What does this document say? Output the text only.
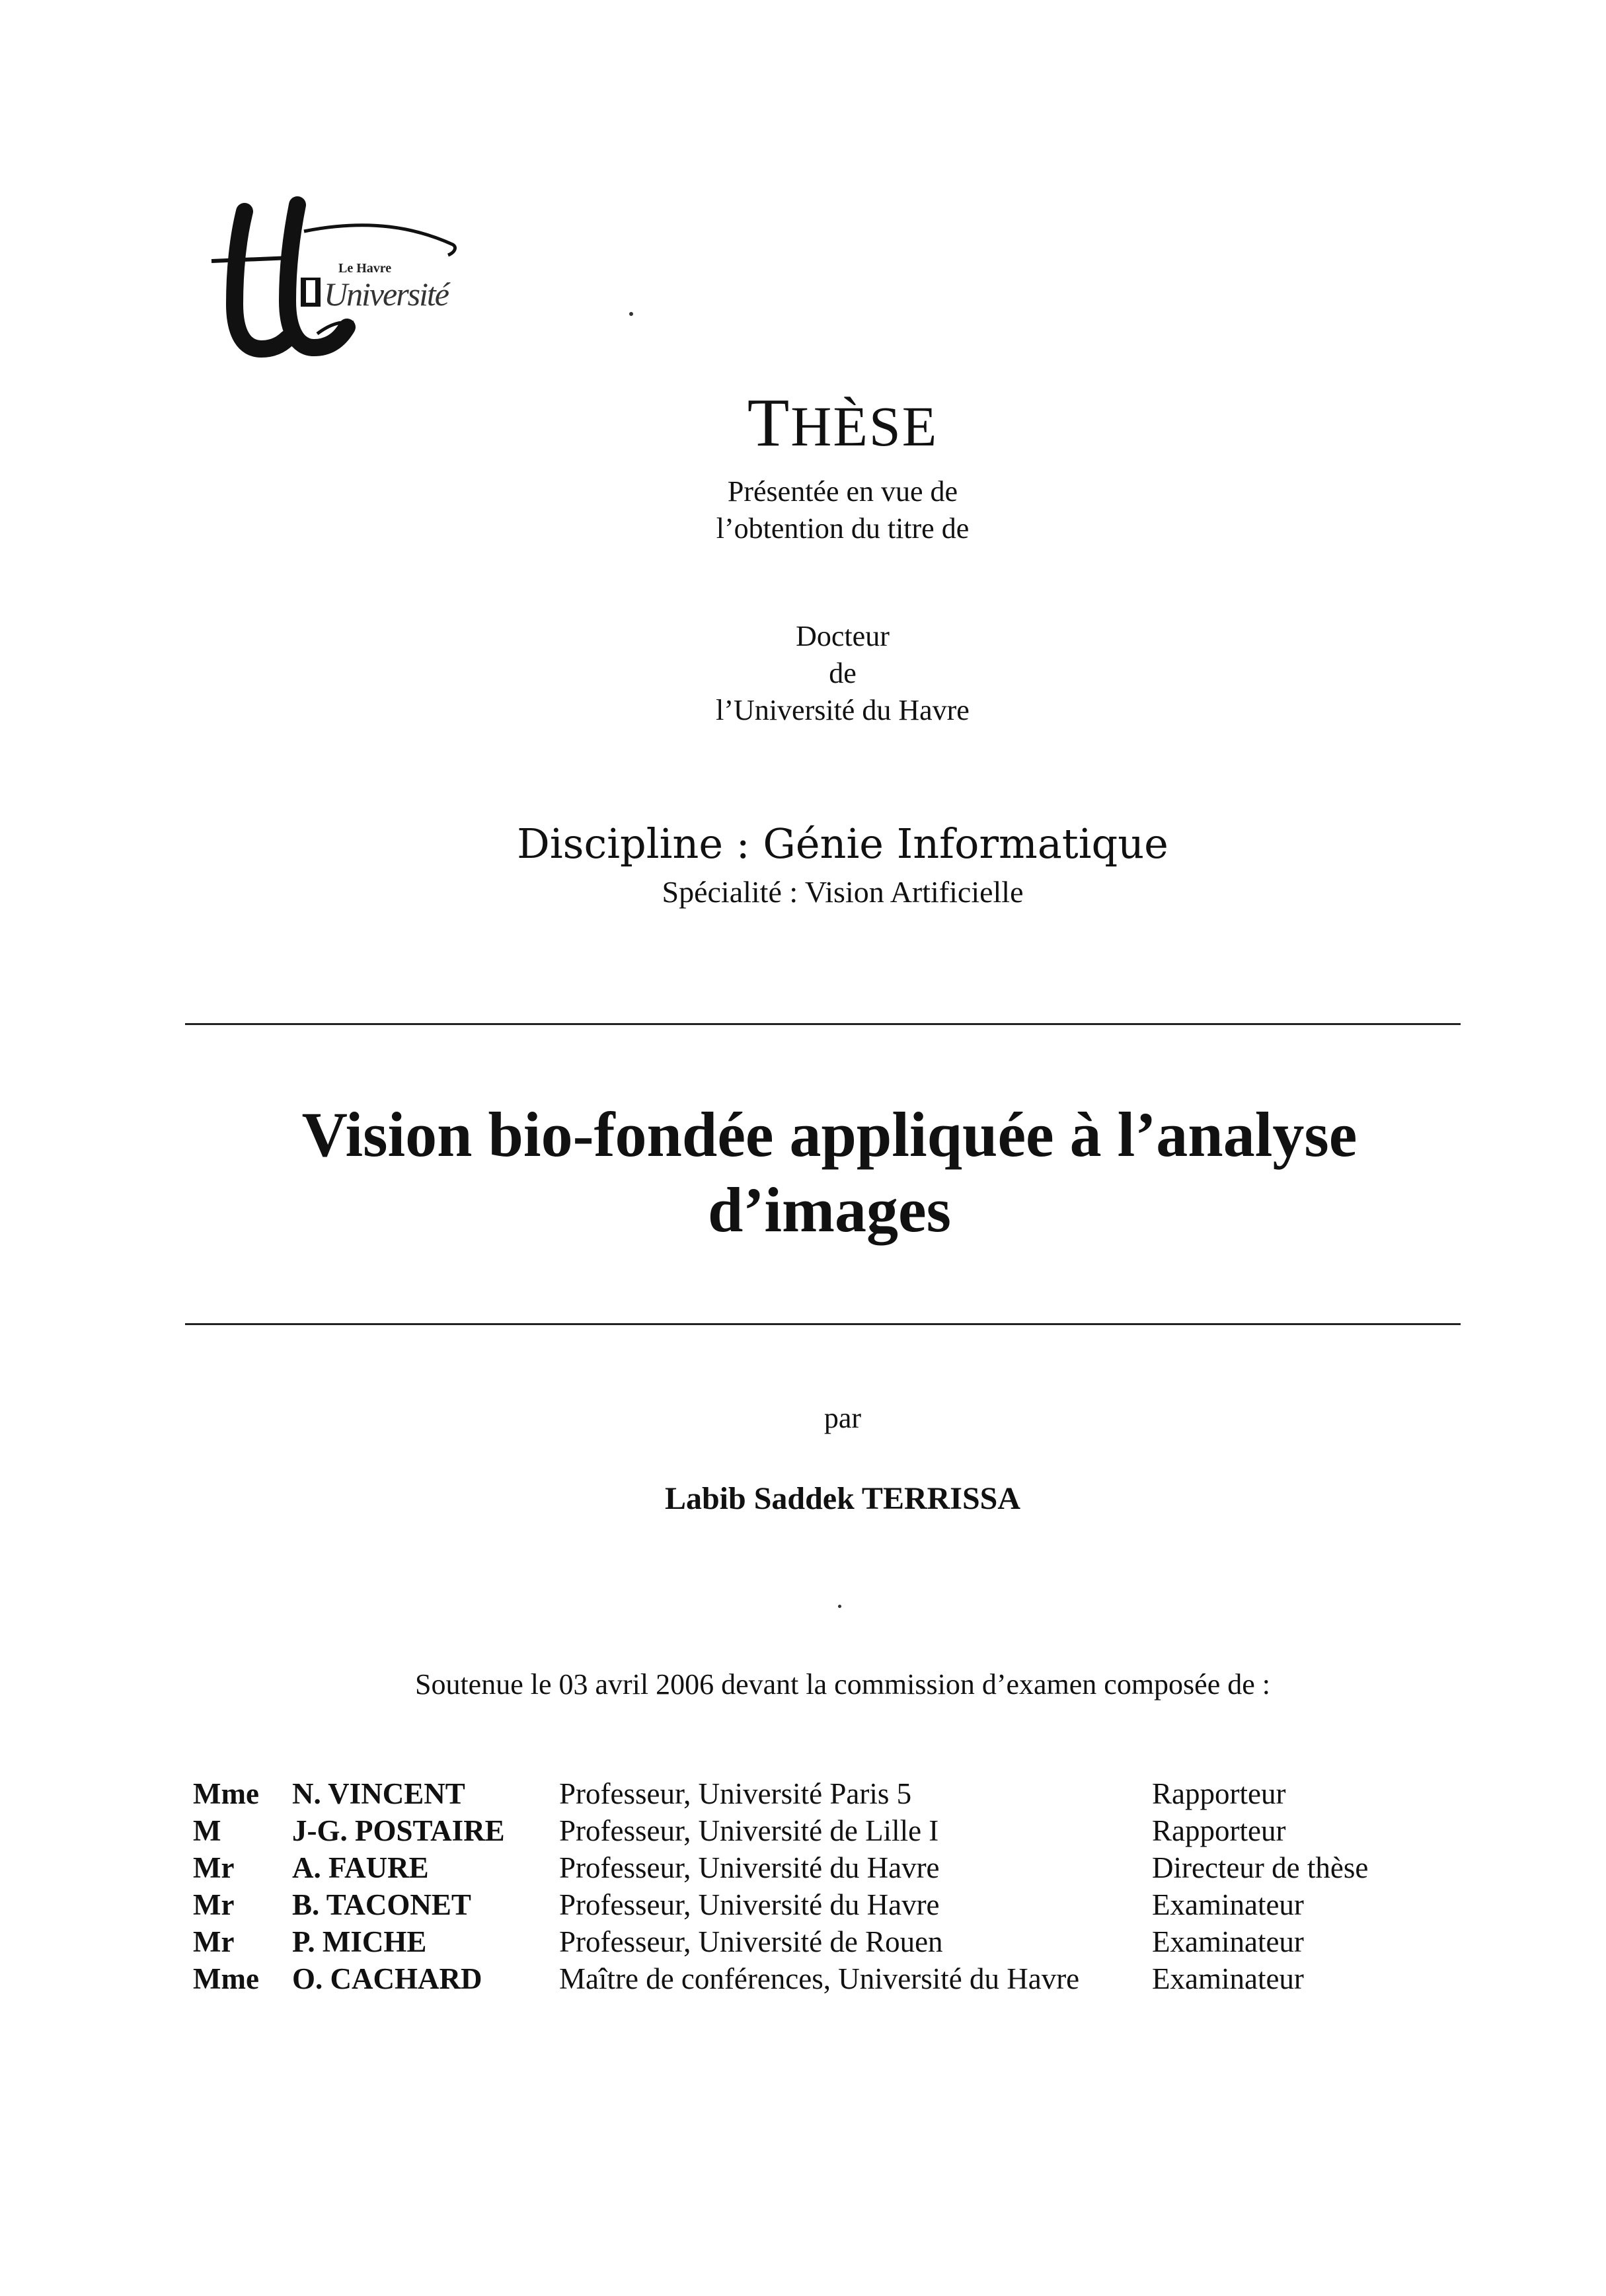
Le Havre
Université
THÈSE
Présentée en vue de
l’obtention du titre de
Docteur
de
l’Université du Havre
Discipline : Génie Informatique
Spécialité : Vision Artificielle
Vision bio-fondée appliquée à l’analyse
d’images
par
Labib Saddek TERRISSA
Soutenue le 03 avril 2006 devant la commission d’examen composée de :
Mme	N. VINCENT	Professeur, Université Paris 5	Rapporteur
M	J-G. POSTAIRE	Professeur, Université de Lille I	Rapporteur
Mr	A. FAURE	Professeur, Université du Havre	Directeur de thèse
Mr	B. TACONET	Professeur, Université du Havre	Examinateur
Mr	P. MICHE	Professeur, Université de Rouen	Examinateur
Mme	O. CACHARD	Maître de conférences, Université du Havre	Examinateur
